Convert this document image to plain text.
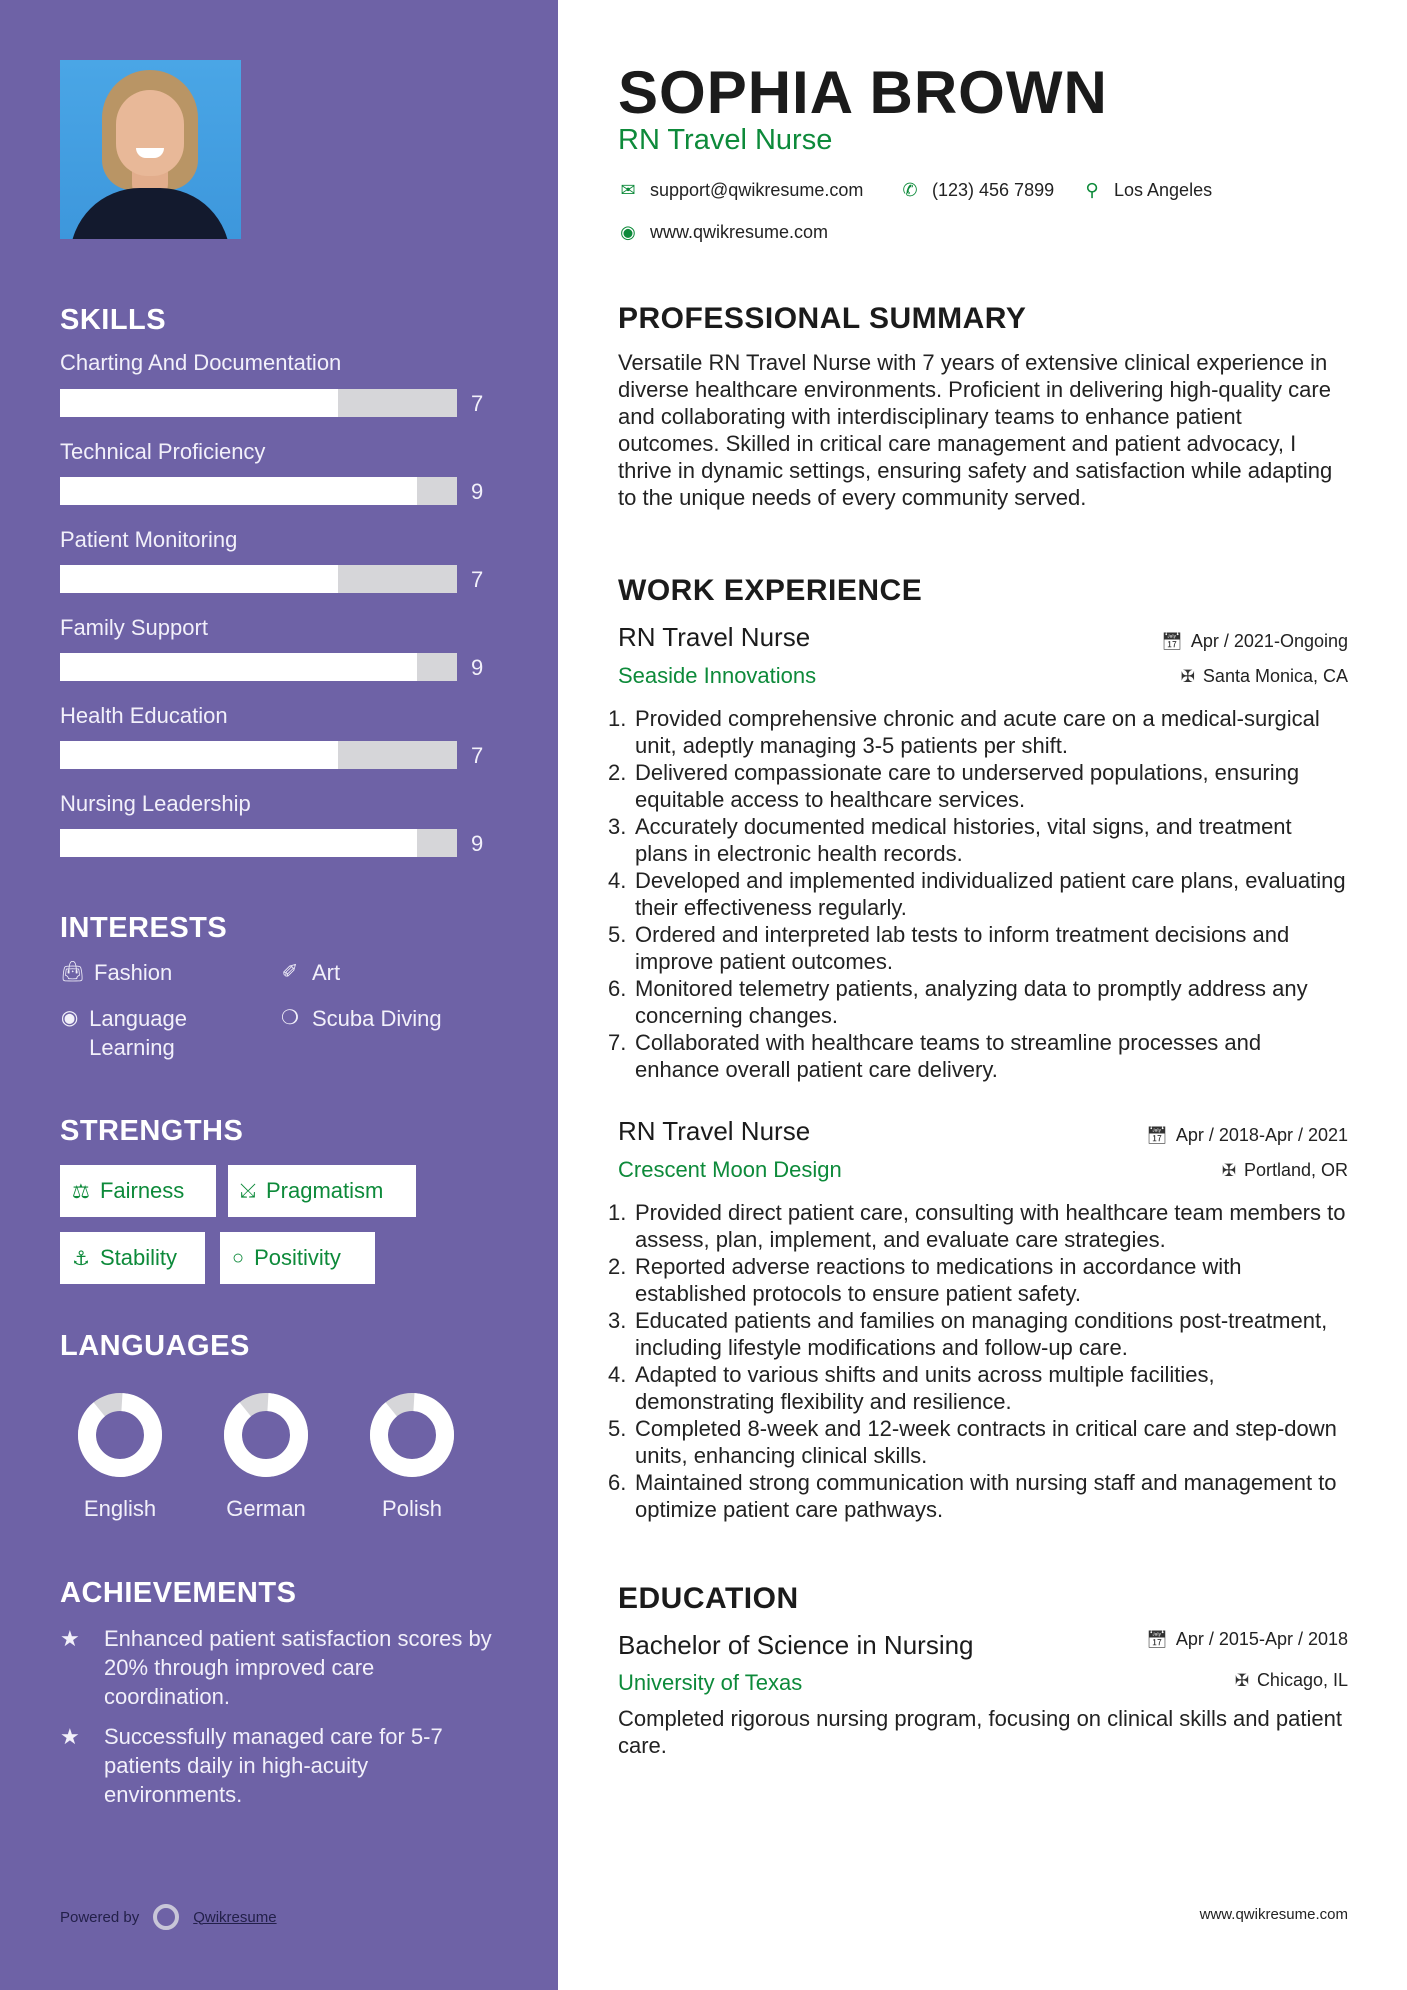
SKILLS
Charting And Documentation
7
Technical Proficiency
9
Patient Monitoring
7
Family Support
9
Health Education
7
Nursing Leadership
9
INTERESTS
👜︎ Fashion	✐ Art
◉ Language Learning
❍ Scuba Diving
STRENGTHS
⚖ Fairness	⤩ Pragmatism
⚓ Stability	○ Positivity
LANGUAGES
English	German	Polish
ACHIEVEMENTS
★	Enhanced patient satisfaction scores by 20% through improved care coordination.
★	Successfully managed care for 5-7 patients daily in high-acuity environments.
Powered by	Qwikresume
SOPHIA BROWN
RN Travel Nurse
✉ support@qwikresume.com ✆ (123) 456 7899 ⚲ Los Angeles
◉ www.qwikresume.com
PROFESSIONAL SUMMARY
Versatile RN Travel Nurse with 7 years of extensive clinical experience in diverse healthcare environments. Proficient in delivering high-quality care and collaborating with interdisciplinary teams to enhance patient outcomes. Skilled in critical care management and patient advocacy, I thrive in dynamic settings, ensuring safety and satisfaction while adapting to the unique needs of every community served.
WORK EXPERIENCE
RN Travel Nurse	📅︎ Apr / 2021-Ongoing
Seaside Innovations	✠ Santa Monica, CA
1. Provided comprehensive chronic and acute care on a medical-surgical unit, adeptly managing 3-5 patients per shift.
2. Delivered compassionate care to underserved populations, ensuring equitable access to healthcare services.
3. Accurately documented medical histories, vital signs, and treatment plans in electronic health records.
4. Developed and implemented individualized patient care plans, evaluating their effectiveness regularly.
5. Ordered and interpreted lab tests to inform treatment decisions and improve patient outcomes.
6. Monitored telemetry patients, analyzing data to promptly address any concerning changes.
7. Collaborated with healthcare teams to streamline processes and enhance overall patient care delivery.
RN Travel Nurse	📅︎ Apr / 2018-Apr / 2021
Crescent Moon Design	✠ Portland, OR
1. Provided direct patient care, consulting with healthcare team members to assess, plan, implement, and evaluate care strategies.
2. Reported adverse reactions to medications in accordance with established protocols to ensure patient safety.
3. Educated patients and families on managing conditions post-treatment, including lifestyle modifications and follow-up care.
4. Adapted to various shifts and units across multiple facilities, demonstrating flexibility and resilience.
5. Completed 8-week and 12-week contracts in critical care and step-down units, enhancing clinical skills.
6. Maintained strong communication with nursing staff and management to optimize patient care pathways.
EDUCATION
Bachelor of Science in Nursing	📅︎ Apr / 2015-Apr / 2018
University of Texas	✠ Chicago, IL
Completed rigorous nursing program, focusing on clinical skills and patient care.
www.qwikresume.com
